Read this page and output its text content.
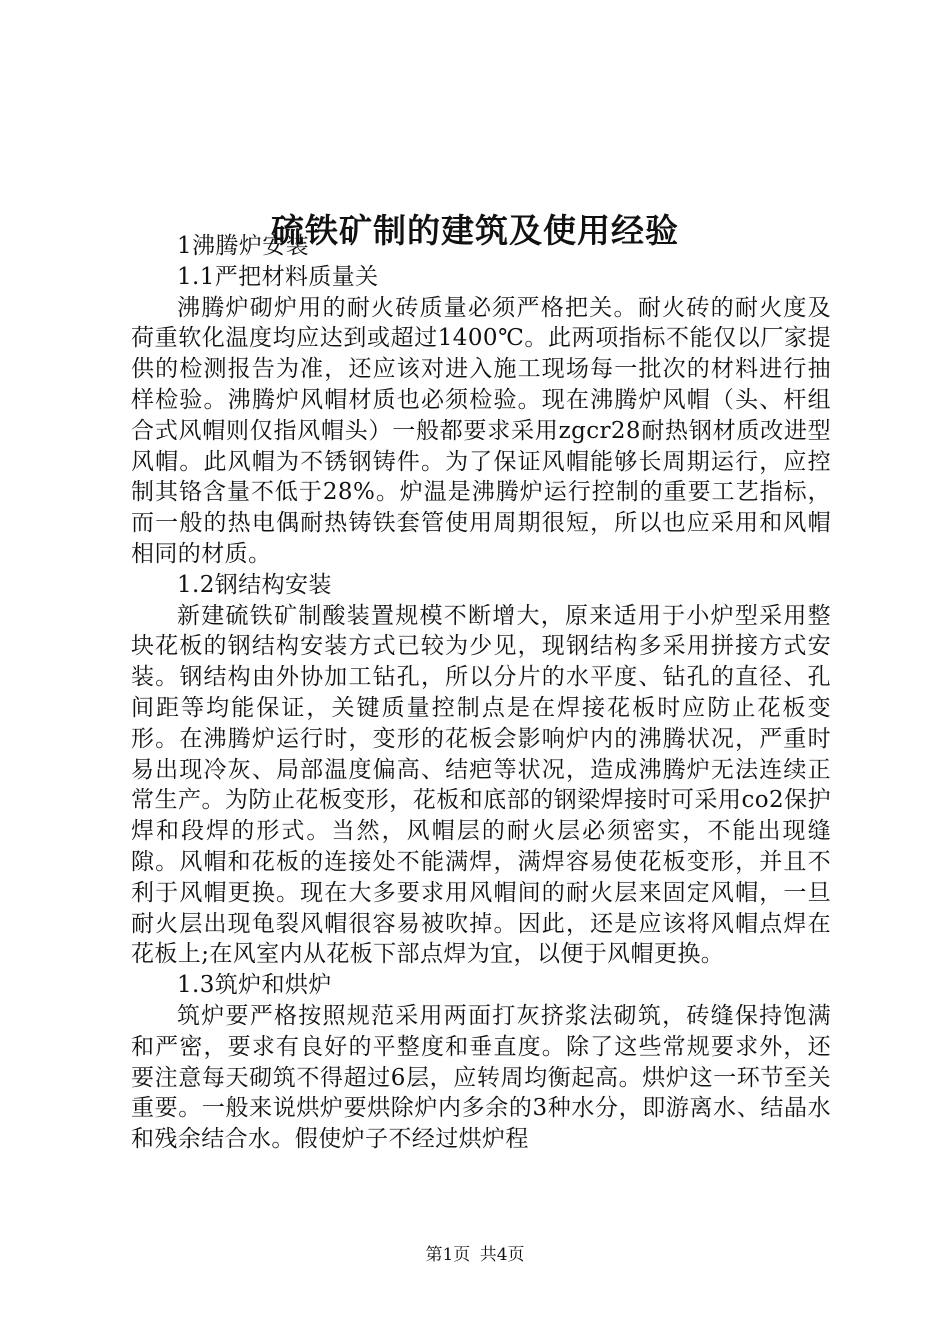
硫铁矿制的建筑及使用经验

1沸腾炉安装

1.1严把材料质量关

沸腾炉砌炉用的耐火砖质量必须严格把关。耐火砖的耐火度及荷重软化温度均应达到或超过1400℃。此两项指标不能仅以厂家提供的检测报告为准，还应该对进入施工现场每一批次的材料进行抽样检验。沸腾炉风帽材质也必须检验。现在沸腾炉风帽（头、杆组合式风帽则仅指风帽头）一般都要求采用zgcr28耐热钢材质改进型风帽。此风帽为不锈钢铸件。为了保证风帽能够长周期运行，应控制其铬含量不低于28%。炉温是沸腾炉运行控制的重要工艺指标，而一般的热电偶耐热铸铁套管使用周期很短，所以也应采用和风帽相同的材质。

1.2钢结构安装

新建硫铁矿制酸装置规模不断增大，原来适用于小炉型采用整块花板的钢结构安装方式已较为少见，现钢结构多采用拼接方式安装。钢结构由外协加工钻孔，所以分片的水平度、钻孔的直径、孔间距等均能保证，关键质量控制点是在焊接花板时应防止花板变形。在沸腾炉运行时，变形的花板会影响炉内的沸腾状况，严重时易出现冷灰、局部温度偏高、结疤等状况，造成沸腾炉无法连续正常生产。为防止花板变形，花板和底部的钢梁焊接时可采用co2保护焊和段焊的形式。当然，风帽层的耐火层必须密实，不能出现缝隙。风帽和花板的连接处不能满焊，满焊容易使花板变形，并且不利于风帽更换。现在大多要求用风帽间的耐火层来固定风帽，一旦耐火层出现龟裂风帽很容易被吹掉。因此，还是应该将风帽点焊在花板上;在风室内从花板下部点焊为宜，以便于风帽更换。

1.3筑炉和烘炉

筑炉要严格按照规范采用两面打灰挤浆法砌筑，砖缝保持饱满和严密，要求有良好的平整度和垂直度。除了这些常规要求外，还要注意每天砌筑不得超过6层，应转周均衡起高。烘炉这一环节至关重要。一般来说烘炉要烘除炉内多余的3种水分，即游离水、结晶水和残余结合水。假使炉子不经过烘炉程

第1页 共4页
